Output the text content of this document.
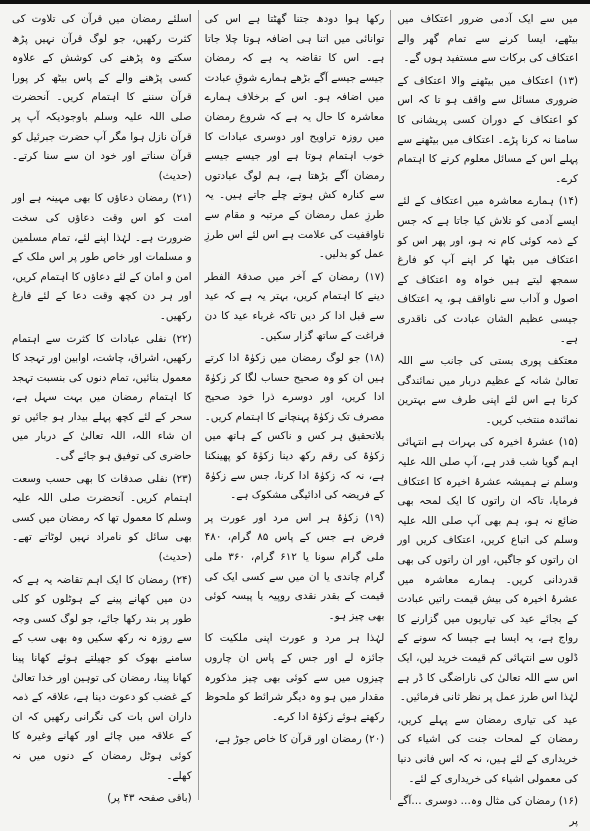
میں سے ایک آدمی ضرور اعتکاف میں بیٹھے، ایسا کرنے سے تمام گھر والے اعتکاف کی برکات سے مستفید ہوں گے۔

(۱۳) اعتکاف میں بیٹھنے والا اعتکاف کے ضروری مسائل سے واقف ہو تا کہ اس کو اعتکاف کے دوران کسی پریشانی کا سامنا نہ کرنا پڑے۔ اعتکاف میں بیٹھنے سے پہلے اس کے مسائل معلوم کرنے کا اہتمام کرے۔

(۱۴) ہمارے معاشرہ میں اعتکاف کے لئے ایسے آدمی کو تلاش کیا جاتا ہے کہ جس کے ذمہ کوئی کام نہ ہو، اور پھر اس کو اعتکاف میں بٹھا کر اپنے آپ کو فارغ سمجھ لیتے ہیں خواہ وہ اعتکاف کے اصول و آداب سے ناواقف ہو، یہ اعتکاف جیسی عظیم الشان عبادت کی ناقدری ہے۔

معتکف پوری بستی کی جانب سے اللہ تعالیٰ شانہ کے عظیم دربار میں نمائندگی کرتا ہے اس لئے اپنی طرف سے بہترین نمائندہ منتخب کریں۔

(۱۵) عشرۂ اخیرہ کی بہرات ہے انتہائی اہم گویا شب قدر ہے، آپ صلی اللہ علیہ وسلم نے ہمیشہ عشرۂ اخیرہ کا اعتکاف فرمایا، تاکہ ان راتوں کا ایک لمحہ بھی ضائع نہ ہو، ہم بھی آپ صلی اللہ علیہ وسلم کی اتباع کریں، اعتکاف کریں اور ان راتوں کو جاگیں، اور ان راتوں کی بھی قدردانی کریں۔ ہمارے معاشرہ میں عشرۂ اخیرہ کی بیش قیمت راتیں عبادت کے بجائے عید کی تیاریوں میں گزارنے کا رواج ہے، یہ ایسا ہے جیسا کہ سونے کے ڈلوں سے انتہائی کم قیمت خرید لیں، ایک اس سے اللہ تعالیٰ کی ناراضگی کا ڈر ہے لہٰذا اس طرز عمل پر نظر ثانی فرمائیں۔

عید کی تیاری رمضان سے پہلے کریں، رمضان کے لمحات جنت کی اشیاء کی خریداری کے لئے ہیں، نہ کہ اس فانی دنیا کی معمولی اشیاء کی خریداری کے لئے۔

(۱۶) رمضان کی مثال وہ… دوسری …آگے پر

رکھا ہوا دودھ جتنا گھٹتا ہے اس کی توانائی میں اتنا ہی اضافہ ہوتا چلا جاتا ہے۔ اس کا تقاضہ یہ ہے کہ رمضان جیسے جیسے آگے بڑھے ہمارے شوقِ عبادت میں اضافہ ہو۔ اس کے برخلاف ہمارے معاشرہ کا حال یہ ہے کہ شروع رمضان میں روزہ تراویح اور دوسری عبادات کا خوب اہتمام ہوتا ہے اور جیسے جیسے رمضان آگے بڑھتا ہے، ہم لوگ عبادتوں سے کنارہ کش ہوتے چلے جاتے ہیں۔ یہ طرزِ عمل رمضان کے مرتبہ و مقام سے ناواقفیت کی علامت ہے اس لئے اس طرزِ عمل کو بدلیں۔

(۱۷) رمضان کے آخر میں صدقۂ الفطر دینے کا اہتمام کریں، بہتر یہ ہے کہ عید سے قبل ادا کر دیں تاکہ غرباء عید کا دن فراغت کے ساتھ گزار سکیں۔

(۱۸) جو لوگ رمضان میں زکوٰۃ ادا کرتے ہیں ان کو وہ صحیح حساب لگا کر زکوٰۃ ادا کریں، اور دوسرے ذرا خود صحیح مصرف تک زکوٰۃ پہنچانے کا اہتمام کریں۔ بلاتحقیق ہر کس و ناکس کے ہاتھ میں زکوٰۃ کی رقم رکھ دینا زکوٰۃ کو پھینکنا ہے، نہ کہ زکوٰۃ ادا کرنا، جس سے زکوٰۃ کے فریضہ کی ادائیگی مشکوک ہے۔

(۱۹) زکوٰۃ ہر اس مرد اور عورت پر فرض ہے جس کے پاس ۸۵ گرام، ۴۸۰ ملی گرام سونا یا ۶۱۲ گرام، ۳۶۰ ملی گرام چاندی یا ان میں سے کسی ایک کی قیمت کے بقدر نقدی روپیہ یا پیسہ کوئی بھی چیز ہو۔

لہٰذا ہر مرد و عورت اپنی ملکیت کا جائزہ لے اور جس کے پاس ان چاروں چیزوں میں سے کوئی بھی چیز مذکورہ مقدار میں ہو وہ دیگر شرائط کو ملحوظ رکھتے ہوئے زکوٰۃ ادا کرے۔

(۲۰) رمضان اور قرآن کا خاص جوڑ ہے،

اسلئے رمضان میں قرآن کی تلاوت کی کثرت رکھیں، جو لوگ قرآن نہیں پڑھ سکتے وہ پڑھنے کی کوشش کے علاوہ کسی پڑھنے والے کے پاس بیٹھ کر پورا قرآن سننے کا اہتمام کریں۔ آنحضرت صلی اللہ علیہ وسلم باوجودیکہ آپ پر قرآن نازل ہوا مگر آپ حضرت جبرئیل کو قرآن سناتے اور خود ان سے سنا کرتے۔ (حدیث)

(۲۱) رمضان دعاؤں کا بھی مہینہ ہے اور امت کو اس وقت دعاؤں کی سخت ضرورت ہے۔ لہٰذا اپنے لئے، تمام مسلمین و مسلمات اور خاص طور پر اس ملک کے امن و امان کے لئے دعاؤں کا اہتمام کریں، اور ہر دن کچھ وقت دعا کے لئے فارغ رکھیں۔

(۲۲) نفلی عبادات کا کثرت سے اہتمام رکھیں، اشراق، چاشت، اوابین اور تہجد کا معمول بنائیں، تمام دنوں کی بنسبت تہجد کا اہتمام رمضان میں بہت سہل ہے، سحر کے لئے کچھ پہلے بیدار ہو جائیں تو ان شاء اللہ، اللہ تعالیٰ کے دربار میں حاضری کی توفیق ہو جائے گی۔

(۲۳) نفلی صدقات کا بھی حسب وسعت اہتمام کریں۔ آنحضرت صلی اللہ علیہ وسلم کا معمول تھا کہ رمضان میں کسی بھی سائل کو نامراد نہیں لوٹاتے تھے۔ (حدیث)

(۲۴) رمضان کا ایک اہم تقاضہ یہ ہے کہ دن میں کھانے پینے کے ہوٹلوں کو کلی طور پر بند رکھا جائے، جو لوگ کسی وجہ سے روزہ نہ رکھ سکیں وہ بھی سب کے سامنے بھوک کو جھیلتے ہوئے کھانا پینا کھانا پینا، رمضان کی توہین اور خدا تعالیٰ کے غضب کو دعوت دینا ہے، علاقہ کے ذمہ داران اس بات کی نگرانی رکھیں کہ ان کے علاقہ میں چائے اور کھانے وغیرہ کا کوئی ہوٹل رمضان کے دنوں میں نہ کھلے۔

(باقی صفحہ ۴۳ پر)
